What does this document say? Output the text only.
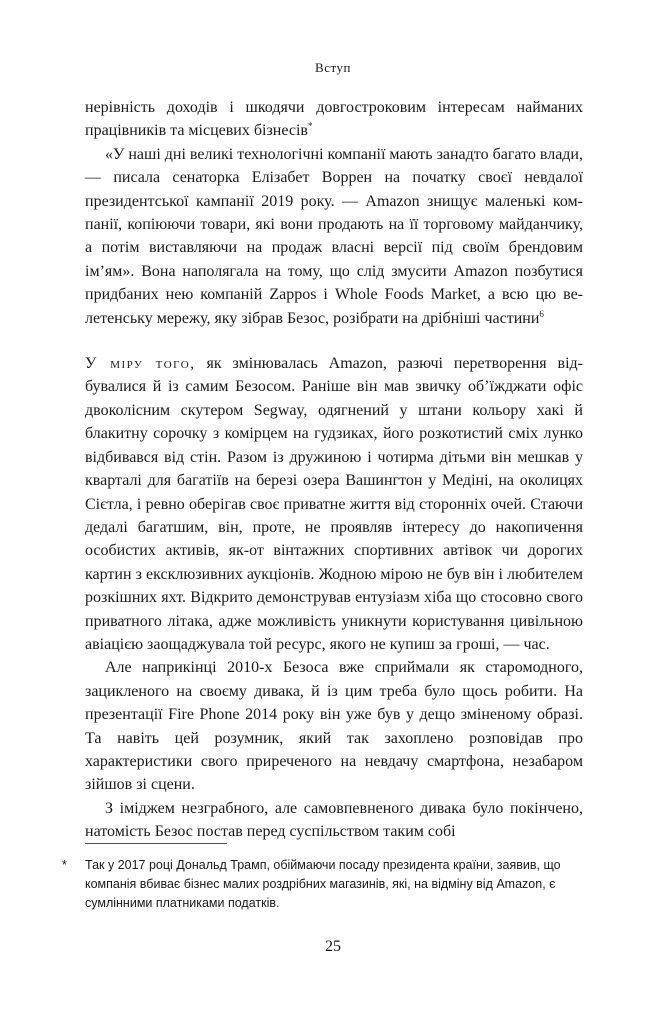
Вступ

нерівність доходів і шкодячи довгостроковим інтересам найманих працівників та місцевих бізнесів*

«У наші дні великі технологічні компанії мають занадто багато влади, — писала сенаторка Елізабет Воррен на початку своєї невдалої президентської кампанії 2019 року. — Amazon знищує маленькі компанії, копіюючи товари, які вони продають на її торговому майданчику, а потім виставляючи на продаж власні версії під своїм брендовим ім’ям». Вона наполягала на тому, що слід змусити Amazon позбутися придбаних нею компаній Zappos і Whole Foods Market, а всю цю велетенську мережу, яку зібрав Безос, розібрати на дрібніші частини$^6$

У міру того, як змінювалась Amazon, разючі перетворення відбувалися й із самим Безосом. Раніше він мав звичку об’їжджати офіс двоколісним скутером Segway, одягнений у штани кольору хакі й блакитну сорочку з комірцем на гудзиках, його розкотистий сміх лунко відбивався від стін. Разом із дружиною і чотирма дітьми він мешкав у кварталі для багатіїв на березі озера Вашингтон у Медіні, на околицях Сієтла, і ревно оберігав своє приватне життя від сторонніх очей. Стаючи дедалі багатшим, він, проте, не проявляв інтересу до накопичення особистих активів, як-от вінтажних спортивних автівок чи дорогих картин з ексклюзивних аукціонів. Жодною мірою не був він і любителем розкішних яхт. Відкрито демонстрував ентузіазм хіба що стосовно свого приватного літака, адже можливість уникнути користування цивільною авіацією заощаджувала той ресурс, якого не купиш за гроші, — час.

Але наприкінці 2010-х Безоса вже сприймали як старомодного, зацикленого на своєму дивака, й із цим треба було щось робити. На презентації Fire Phone 2014 року він уже був у дещо зміненому образі. Та навіть цей розумник, який так захоплено розповідав про характеристики свого приреченого на невдачу смартфона, незабаром зійшов зі сцени.

З іміджем незграбного, але самовпевненого дивака було покінчено, натомість Безос постав перед суспільством таким собі

* Так у 2017 році Дональд Трамп, обіймаючи посаду президента країни, заявив, що компанія вбиває бізнес малих роздрібних магазинів, які, на відміну від Amazon, є сумлінними платниками податків.
25
